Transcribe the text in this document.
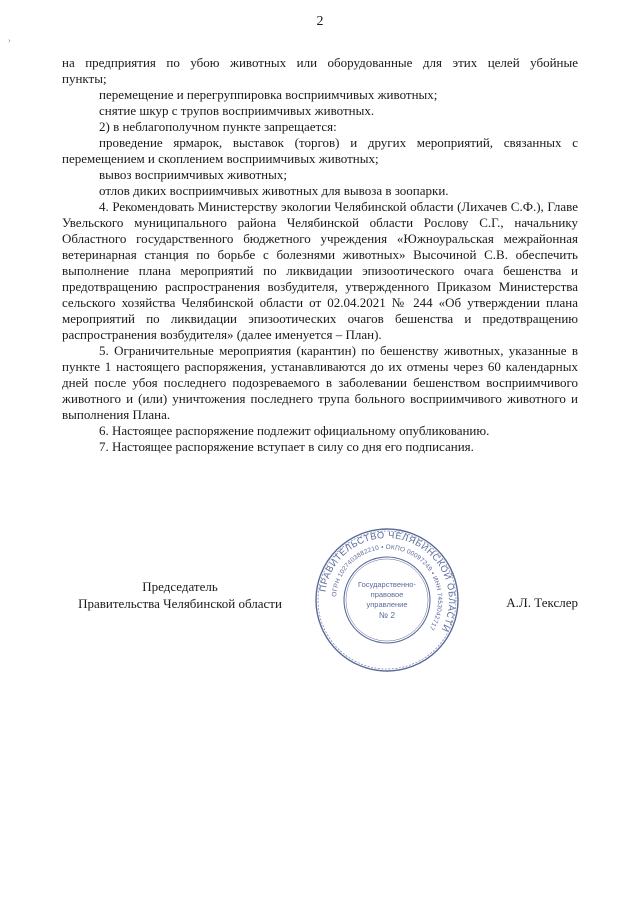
2
›

на предприятия по убою животных или оборудованные для этих целей убойные

пункты;

перемещение и перегруппировка восприимчивых животных;

снятие шкур с трупов восприимчивых животных.

2) в неблагополучном пункте запрещается:

проведение ярмарок, выставок (торгов) и других мероприятий, связанных с перемещением и скоплением восприимчивых животных;

вывоз восприимчивых животных;

отлов диких восприимчивых животных для вывоза в зоопарки.

4. Рекомендовать Министерству экологии Челябинской области (Лихачев С.Ф.), Главе Увельского муниципального района Челябинской области Рослову С.Г., начальнику Областного государственного бюджетного учреждения «Южноуральская межрайонная ветеринарная станция по борьбе с болезнями животных» Высочиной С.В. обеспечить выполнение плана мероприятий по ликвидации эпизоотического очага бешенства и предотвращению распространения возбудителя, утвержденного Приказом Министерства сельского хозяйства Челябинской области от 02.04.2021 № 244 «Об утверждении плана мероприятий по ликвидации эпизоотических очагов бешенства и предотвращению распространения возбудителя» (далее именуется – План).

5. Ограничительные мероприятия (карантин) по бешенству животных, указанные в пункте 1 настоящего распоряжения, устанавливаются до их отмены через 60 календарных дней после убоя последнего подозреваемого в заболевании бешенством восприимчивого животного и (или) уничтожения последнего трупа больного восприимчивого животного и выполнения Плана.

6. Настоящее распоряжение подлежит официальному опубликованию.

7. Настоящее распоряжение вступает в силу со дня его подписания.

Председатель
Правительства Челябинской области	А.Л. Текслер
ПРАВИТЕЛЬСТВО ЧЕЛЯБИНСКОЙ ОБЛАСТИ
ОГРН 1027403882210 • ОКПО 00097249 • ИНН 7453042717
Государственно-
правовое
управление
№ 2
